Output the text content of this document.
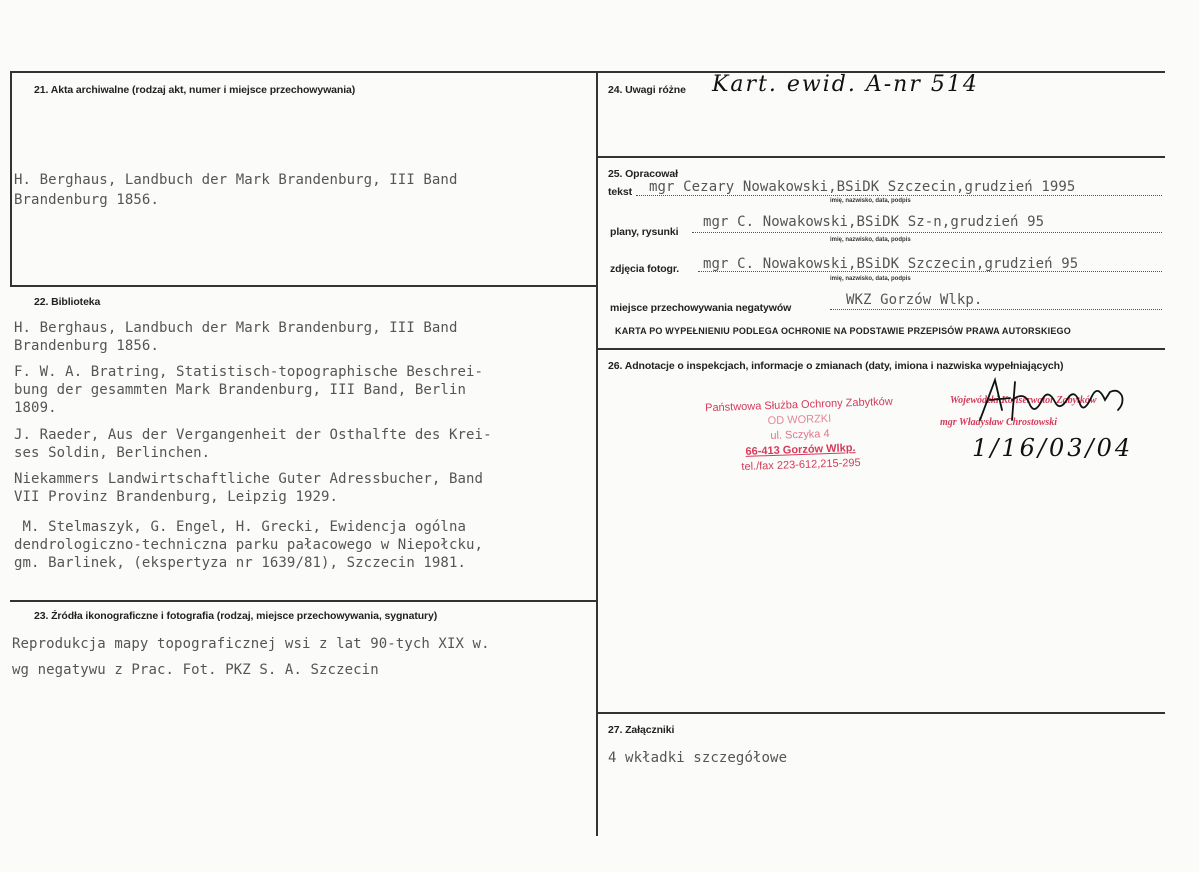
21. Akta archiwalne (rodzaj akt, numer i miejsce przechowywania)
H. Berghaus, Landbuch der Mark Brandenburg, III Band
Brandenburg 1856.
22. Biblioteka
H. Berghaus, Landbuch der Mark Brandenburg, III Band
Brandenburg 1856.
F. W. A. Bratring, Statistisch-topographische Beschrei-
bung der gesammten Mark Brandenburg, III Band, Berlin
1809.
J. Raeder, Aus der Vergangenheit der Osthalfte des Krei-
ses Soldin, Berlinchen.
Niekammers Landwirtschaftliche Guter Adressbucher, Band
VII Provinz Brandenburg, Leipzig 1929.
M. Stelmaszyk, G. Engel, H. Grecki, Ewidencja ogólna
dendrologiczno-techniczna parku pałacowego w Niepołcku,
gm. Barlinek, (ekspertyza nr 1639/81), Szczecin 1981.
23. Źródła ikonograficzne i fotografia (rodzaj, miejsce przechowywania, sygnatury)
Reprodukcja mapy topograficznej wsi z lat 90-tych XIX w.
wg negatywu z Prac. Fot. PKZ S. A. Szczecin
24. Uwagi różne Kart. ewid. A-nr 514
25. Opracował
tekst mgr Cezary Nowakowski,BSiDK Szczecin,grudzień 1995
imię, nazwisko, data, podpis
plany, rysunki
mgr C. Nowakowski,BSiDK Sz-n,grudzień 95
imię, nazwisko, data, podpis
zdjęcia fotogr. mgr C. Nowakowski,BSiDK Szczecin,grudzień 95
imię, nazwisko, data, podpis
miejsce przechowywania negatywów	WKZ Gorzów Wlkp.
KARTA PO WYPEŁNIENIU PODLEGA OCHRONIE NA PODSTAWIE PRZEPISÓW PRAWA AUTORSKIEGO
26. Adnotacje o inspekcjach, informacje o zmianach (daty, imiona i nazwiska wypełniających)
Państwowa Służba Ochrony Zabytków
OD WORZKI
ul. Sczyka 4
66-413 Gorzów Wlkp.
tel./fax 223-612,215-295
Wojewódzki Konserwator Zabytków
mgr Władysław Chrostowski
1/16/03/04
27. Załączniki
4 wkładki szczegółowe
